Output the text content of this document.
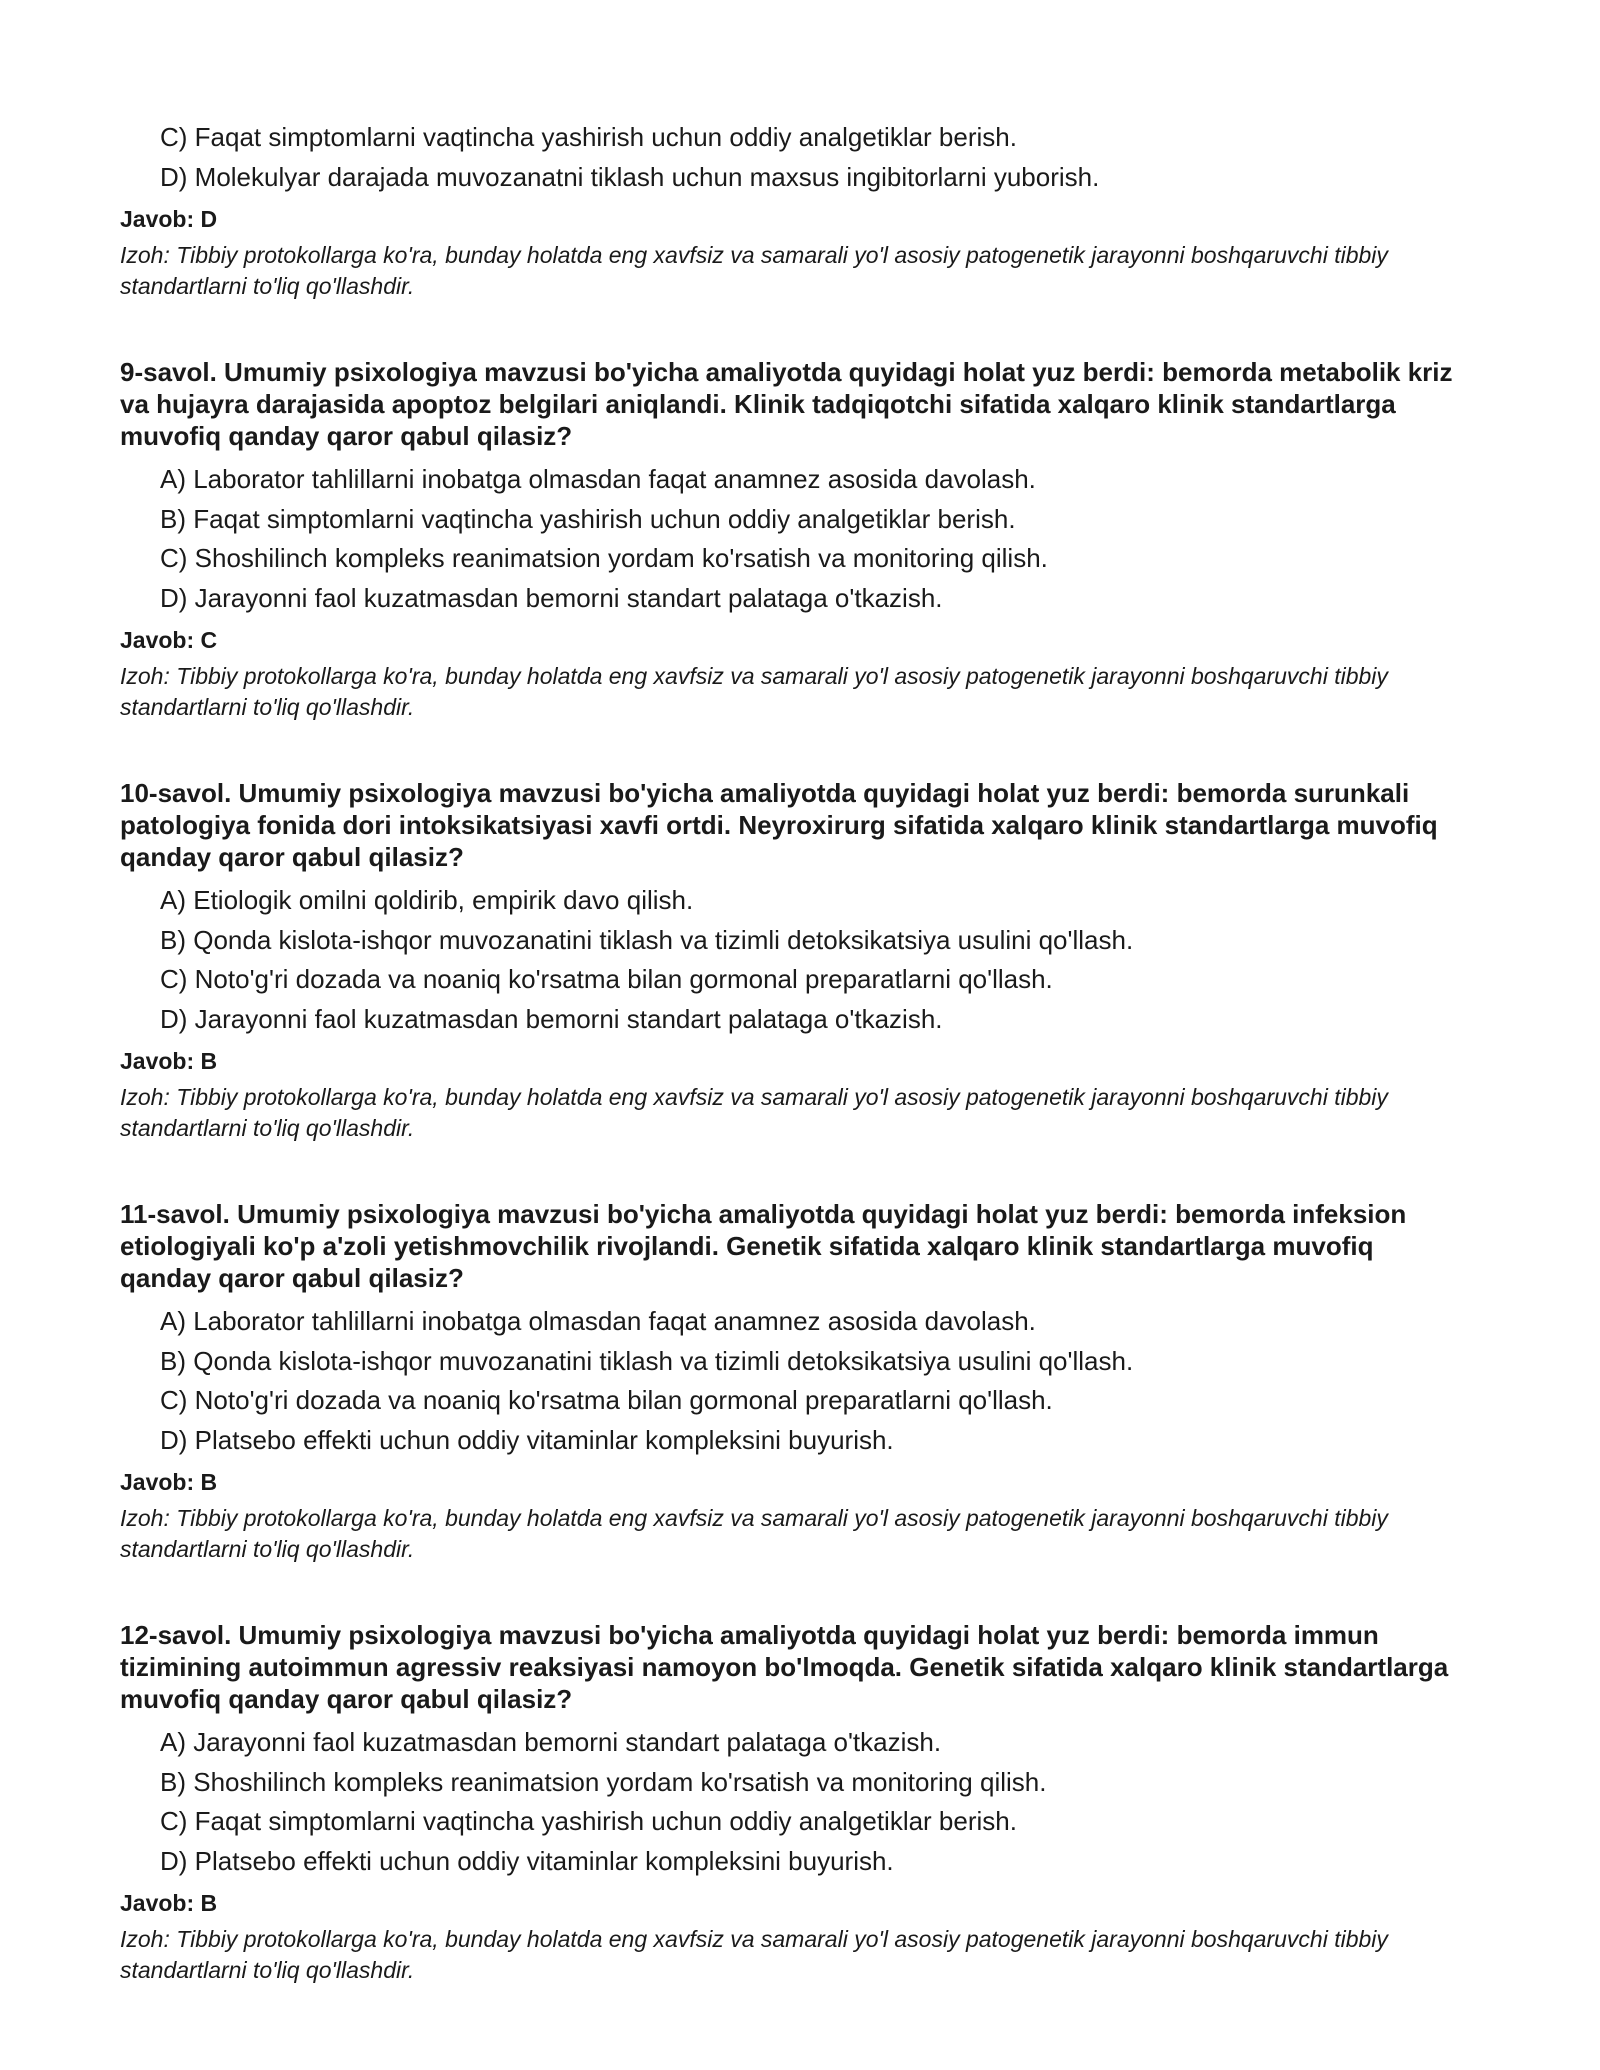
C) Faqat simptomlarni vaqtincha yashirish uchun oddiy analgetiklar berish.
D) Molekulyar darajada muvozanatni tiklash uchun maxsus ingibitorlarni yuborish.
Javob: D
Izoh: Tibbiy protokollarga ko'ra, bunday holatda eng xavfsiz va samarali yo'l asosiy patogenetik jarayonni boshqaruvchi tibbiy standartlarni to'liq qo'llashdir.
9-savol. Umumiy psixologiya mavzusi bo'yicha amaliyotda quyidagi holat yuz berdi: bemorda metabolik kriz va hujayra darajasida apoptoz belgilari aniqlandi. Klinik tadqiqotchi sifatida xalqaro klinik standartlarga muvofiq qanday qaror qabul qilasiz?
A) Laborator tahlillarni inobatga olmasdan faqat anamnez asosida davolash.
B) Faqat simptomlarni vaqtincha yashirish uchun oddiy analgetiklar berish.
C) Shoshilinch kompleks reanimatsion yordam ko'rsatish va monitoring qilish.
D) Jarayonni faol kuzatmasdan bemorni standart palataga o'tkazish.
Javob: C
Izoh: Tibbiy protokollarga ko'ra, bunday holatda eng xavfsiz va samarali yo'l asosiy patogenetik jarayonni boshqaruvchi tibbiy standartlarni to'liq qo'llashdir.
10-savol. Umumiy psixologiya mavzusi bo'yicha amaliyotda quyidagi holat yuz berdi: bemorda surunkali patologiya fonida dori intoksikatsiyasi xavfi ortdi. Neyroxirurg sifatida xalqaro klinik standartlarga muvofiq qanday qaror qabul qilasiz?
A) Etiologik omilni qoldirib, empirik davo qilish.
B) Qonda kislota-ishqor muvozanatini tiklash va tizimli detoksikatsiya usulini qo'llash.
C) Noto'g'ri dozada va noaniq ko'rsatma bilan gormonal preparatlarni qo'llash.
D) Jarayonni faol kuzatmasdan bemorni standart palataga o'tkazish.
Javob: B
Izoh: Tibbiy protokollarga ko'ra, bunday holatda eng xavfsiz va samarali yo'l asosiy patogenetik jarayonni boshqaruvchi tibbiy standartlarni to'liq qo'llashdir.
11-savol. Umumiy psixologiya mavzusi bo'yicha amaliyotda quyidagi holat yuz berdi: bemorda infeksion etiologiyali ko'p a'zoli yetishmovchilik rivojlandi. Genetik sifatida xalqaro klinik standartlarga muvofiq qanday qaror qabul qilasiz?
A) Laborator tahlillarni inobatga olmasdan faqat anamnez asosida davolash.
B) Qonda kislota-ishqor muvozanatini tiklash va tizimli detoksikatsiya usulini qo'llash.
C) Noto'g'ri dozada va noaniq ko'rsatma bilan gormonal preparatlarni qo'llash.
D) Platsebo effekti uchun oddiy vitaminlar kompleksini buyurish.
Javob: B
Izoh: Tibbiy protokollarga ko'ra, bunday holatda eng xavfsiz va samarali yo'l asosiy patogenetik jarayonni boshqaruvchi tibbiy standartlarni to'liq qo'llashdir.
12-savol. Umumiy psixologiya mavzusi bo'yicha amaliyotda quyidagi holat yuz berdi: bemorda immun tizimining autoimmun agressiv reaksiyasi namoyon bo'lmoqda. Genetik sifatida xalqaro klinik standartlarga muvofiq qanday qaror qabul qilasiz?
A) Jarayonni faol kuzatmasdan bemorni standart palataga o'tkazish.
B) Shoshilinch kompleks reanimatsion yordam ko'rsatish va monitoring qilish.
C) Faqat simptomlarni vaqtincha yashirish uchun oddiy analgetiklar berish.
D) Platsebo effekti uchun oddiy vitaminlar kompleksini buyurish.
Javob: B
Izoh: Tibbiy protokollarga ko'ra, bunday holatda eng xavfsiz va samarali yo'l asosiy patogenetik jarayonni boshqaruvchi tibbiy standartlarni to'liq qo'llashdir.
